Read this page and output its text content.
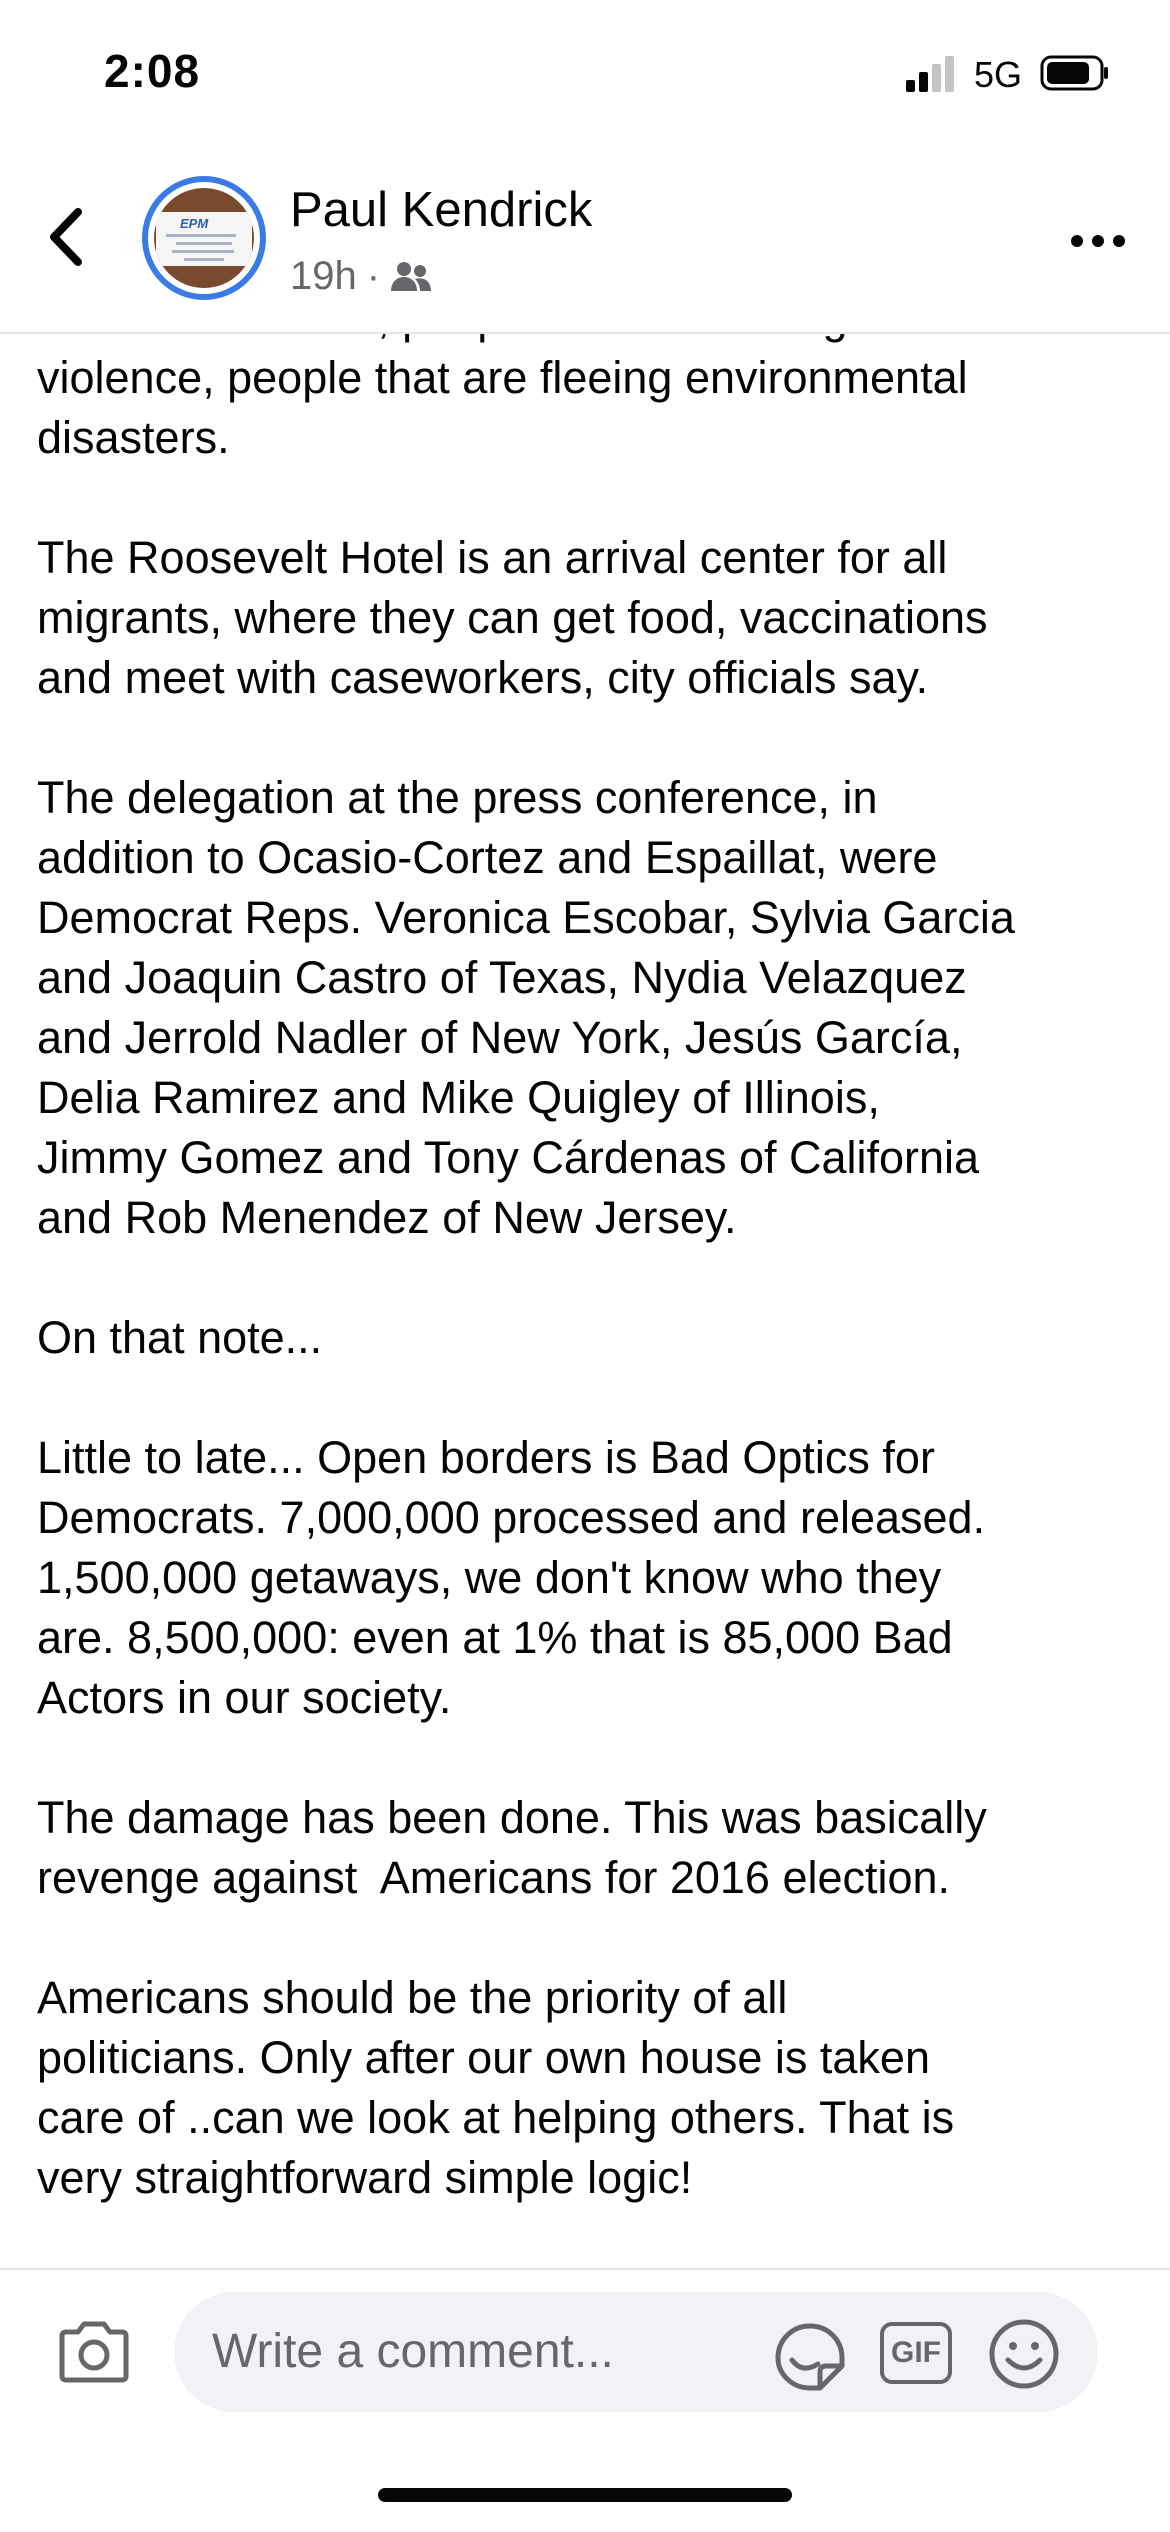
2:08	5G
EPM Paul Kendrick
19h ·

violence, people that are fleeing environmental

disasters.

The Roosevelt Hotel is an arrival center for all

migrants, where they can get food, vaccinations

and meet with caseworkers, city officials say.

The delegation at the press conference, in

addition to Ocasio-Cortez and Espaillat, were

Democrat Reps. Veronica Escobar, Sylvia Garcia

and Joaquin Castro of Texas, Nydia Velazquez

and Jerrold Nadler of New York, Jesús García,

Delia Ramirez and Mike Quigley of Illinois,

Jimmy Gomez and Tony Cárdenas of California

and Rob Menendez of New Jersey.

On that note...

Little to late... Open borders is Bad Optics for

Democrats. 7,000,000 processed and released.

1,500,000 getaways, we don't know who they

are. 8,500,000: even at 1% that is 85,000 Bad

Actors in our society.

The damage has been done. This was basically

revenge against  Americans for 2016 election.

Americans should be the priority of all

politicians. Only after our own house is taken

care of ..can we look at helping others. That is

very straightforward simple logic!

Write a comment...
GIF
